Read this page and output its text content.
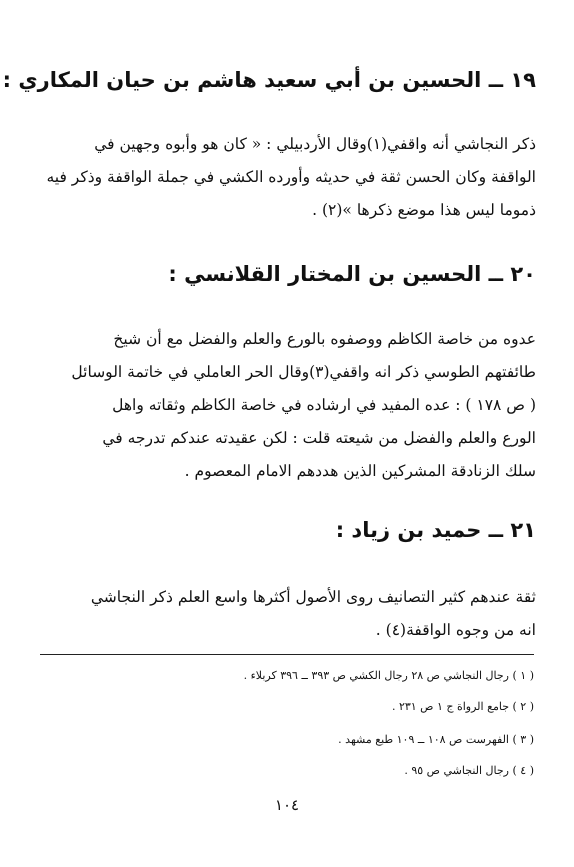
١٩ ــ الحسين بن أبي سعيد هاشم بن حيان المكاري :
ذكر النجاشي أنه واقفي(١)وقال الأردبيلي : « كان هو وأبوه وجهين في
الواقفة وكان الحسن ثقة في حديثه وأورده الكشي في جملة الواقفة وذكر فيه
ذموما ليس هذا موضع ذكرها »(٢) .
٢٠ ــ الحسين بن المختار القلانسي :
عدوه من خاصة الكاظم ووصفوه بالورع والعلم والفضل مع أن شيخ
طائفتهم الطوسي ذكر انه واقفي(٣)وقال الحر العاملي في خاتمة الوسائل
( ص ١٧٨ ) : عده المفيد في ارشاده في خاصة الكاظم وثقاته واهل
الورع والعلم والفضل من شيعته قلت : لكن عقيدته عندكم تدرجه في
سلك الزنادقة المشركين الذين هددهم الامام المعصوم .
٢١ ــ حميد بن زياد :
ثقة عندهم كثير التصانيف روى الأصول أكثرها واسع العلم ذكر النجاشي
انه من وجوه الواقفة(٤) .
( ١ ) رجال النجاشي ص ٢٨ رجال الكشي ص ٣٩٣ ــ ٣٩٦ كربلاء .
( ٢ ) جامع الرواة ج ١ ص ٢٣١ .
( ٣ ) الفهرست ص ١٠٨ ــ ١٠٩ طبع مشهد .
( ٤ ) رجال النجاشي ص ٩٥ .
١٠٤
